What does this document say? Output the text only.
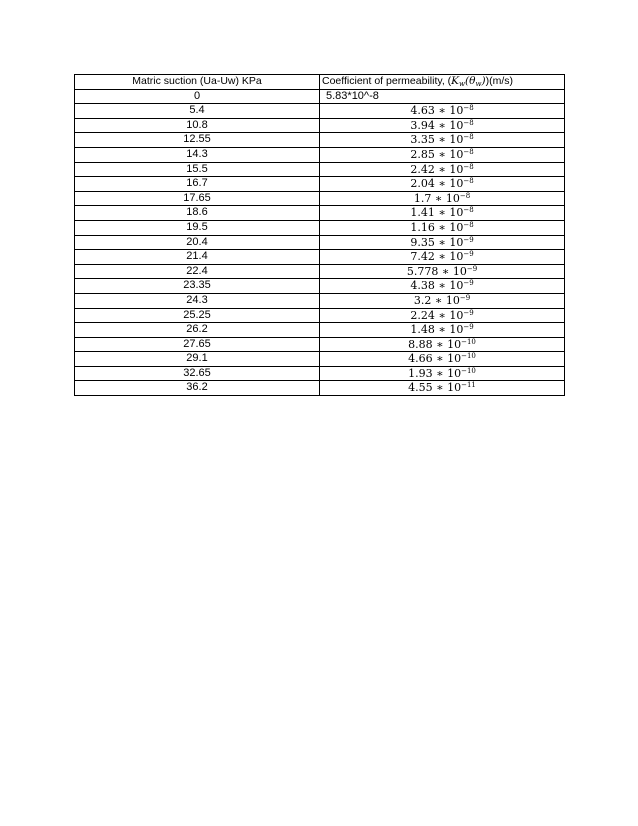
Matric suction (Ua-Uw) KPa	Coefficient of permeability, $(K_w(\theta_w))(m/s)$
0	5.83*10^-8
5.4	4.63 ∗ $10^{-8}$
10.8	3.94 ∗ $10^{-8}$
12.55	3.35 ∗ $10^{-8}$
14.3	2.85 ∗ $10^{-8}$
15.5	2.42 ∗ $10^{-8}$
16.7	2.04 ∗ $10^{-8}$
17.65	1.7 ∗ $10^{-8}$
18.6	1.41 ∗ $10^{-8}$
19.5	1.16 ∗ $10^{-8}$
20.4	9.35 ∗ $10^{-9}$
21.4	7.42 ∗ $10^{-9}$
22.4	5.778 ∗ $10^{-9}$
23.35	4.38 ∗ $10^{-9}$
24.3	3.2 ∗ $10^{-9}$
25.25	2.24 ∗ $10^{-9}$
26.2	1.48 ∗ $10^{-9}$
27.65	8.88 ∗ $10^{-10}$
29.1	4.66 ∗ $10^{-10}$
32.65	1.93 ∗ $10^{-10}$
36.2	4.55 ∗ $10^{-11}$
